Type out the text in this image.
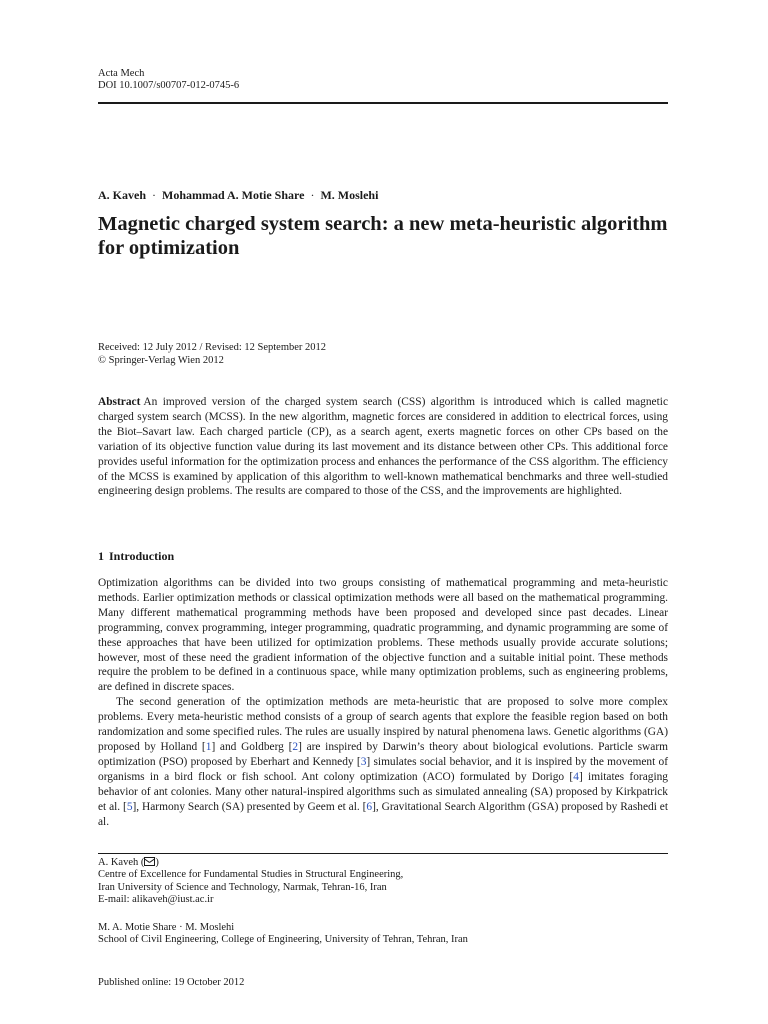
Acta Mech
DOI 10.1007/s00707-012-0745-6
A. Kaveh · Mohammad A. Motie Share · M. Moslehi
Magnetic charged system search: a new meta-heuristic algorithm for optimization
Received: 12 July 2012 / Revised: 12 September 2012
© Springer-Verlag Wien 2012

Abstract An improved version of the charged system search (CSS) algorithm is introduced which is called magnetic charged system search (MCSS). In the new algorithm, magnetic forces are considered in addition to electrical forces, using the Biot–Savart law. Each charged particle (CP), as a search agent, exerts magnetic forces on other CPs based on the variation of its objective function value during its last movement and its distance between other CPs. This additional force provides useful information for the optimization process and enhances the performance of the CSS algorithm. The efficiency of the MCSS is examined by application of this algorithm to well-known mathematical benchmarks and three well-studied engineering design problems. The results are compared to those of the CSS, and the improvements are highlighted.

1 Introduction

Optimization algorithms can be divided into two groups consisting of mathematical programming and meta-heuristic methods. Earlier optimization methods or classical optimization methods were all based on the mathematical programming. Many different mathematical programming methods have been proposed and developed since past decades. Linear programming, convex programming, integer programming, quadratic programming, and dynamic programming are some of these approaches that have been utilized for optimization problems. These methods usually provide accurate solutions; however, most of these need the gradient information of the objective function and a suitable initial point. These methods require the problem to be defined in a continuous space, while many optimization problems, such as engineering problems, are defined in discrete spaces.

The second generation of the optimization methods are meta-heuristic that are proposed to solve more complex problems. Every meta-heuristic method consists of a group of search agents that explore the feasible region based on both randomization and some specified rules. The rules are usually inspired by natural phenomena laws. Genetic algorithms (GA) proposed by Holland [1] and Goldberg [2] are inspired by Darwin’s theory about biological evolutions. Particle swarm optimization (PSO) proposed by Eberhart and Kennedy [3] simulates social behavior, and it is inspired by the movement of organisms in a bird flock or fish school. Ant colony optimization (ACO) formulated by Dorigo [4] imitates foraging behavior of ant colonies. Many other natural-inspired algorithms such as simulated annealing (SA) proposed by Kirkpatrick et al. [5], Harmony Search (SA) presented by Geem et al. [6], Gravitational Search Algorithm (GSA) proposed by Rashedi et al.

A. Kaveh ( )
Centre of Excellence for Fundamental Studies in Structural Engineering,
Iran University of Science and Technology, Narmak, Tehran-16, Iran
E-mail: alikaveh@iust.ac.ir
M. A. Motie Share · M. Moslehi
School of Civil Engineering, College of Engineering, University of Tehran, Tehran, Iran
Published online: 19 October 2012
